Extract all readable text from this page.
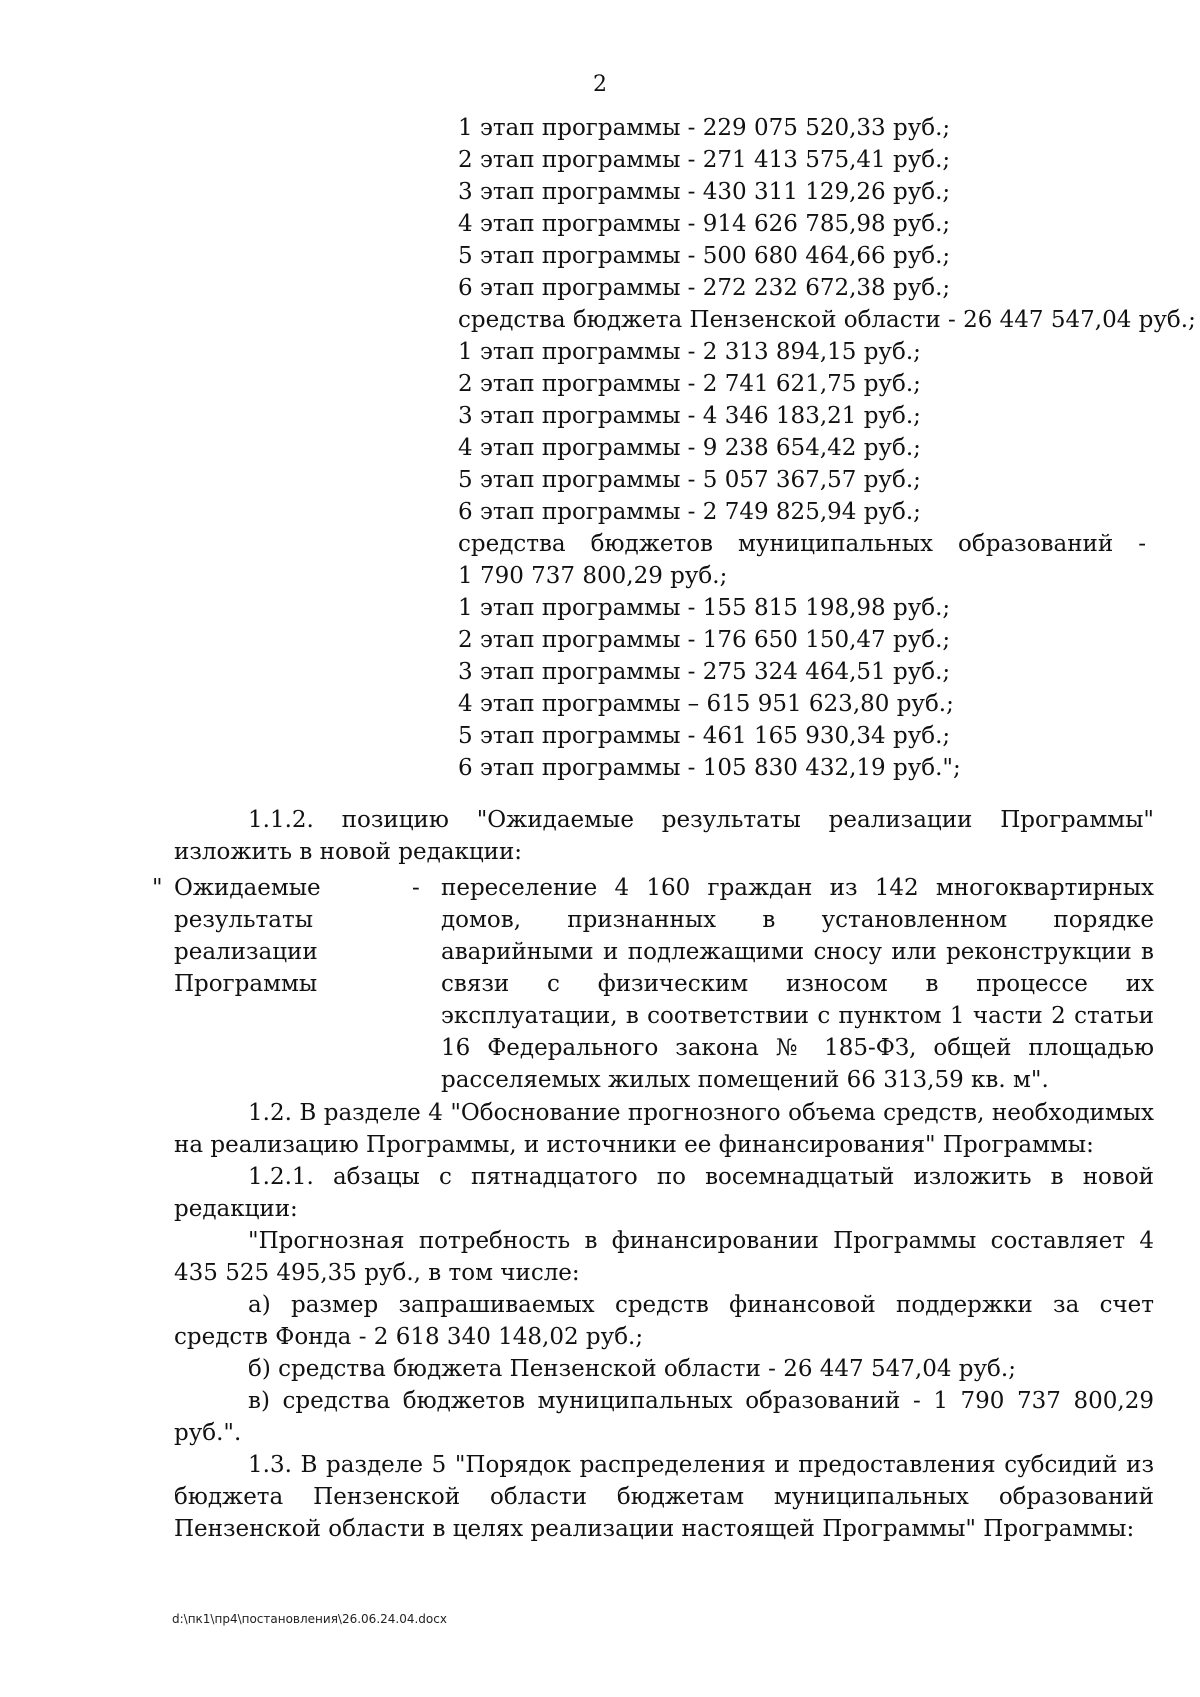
2
1 этап программы - 229 075 520,33 руб.;
2 этап программы - 271 413 575,41 руб.;
3 этап программы - 430 311 129,26 руб.;
4 этап программы - 914 626 785,98 руб.;
5 этап программы - 500 680 464,66 руб.;
6 этап программы - 272 232 672,38 руб.;
средства бюджета Пензенской области - 26 447 547,04 руб.;
1 этап программы - 2 313 894,15 руб.;
2 этап программы - 2 741 621,75 руб.;
3 этап программы - 4 346 183,21 руб.;
4 этап программы - 9 238 654,42 руб.;
5 этап программы - 5 057 367,57 руб.;
6 этап программы - 2 749 825,94 руб.;
средства бюджетов муниципальных образований -
1 790 737 800,29 руб.;
1 этап программы - 155 815 198,98 руб.;
2 этап программы - 176 650 150,47 руб.;
3 этап программы - 275 324 464,51 руб.;
4 этап программы – 615 951 623,80 руб.;
5 этап программы - 461 165 930,34 руб.;
6 этап программы - 105 830 432,19 руб.";

1.1.2. позицию "Ожидаемые результаты реализации Программы" изложить в новой редакции:

" Ожидаемые результаты реализации Программы
- переселение 4 160 граждан из 142 многоквартирных домов, признанных в установленном порядке аварийными и подлежащими сносу или реконструкции в связи с физическим износом в процессе их эксплуатации, в соответствии с пунктом 1 части 2 статьи 16 Федерального закона № 185-ФЗ, общей площадью расселяемых жилых помещений 66 313,59 кв. м".

1.2. В разделе 4 "Обоснование прогнозного объема средств, необходимых на реализацию Программы, и источники ее финансирования" Программы:

1.2.1. абзацы с пятнадцатого по восемнадцатый изложить в новой редакции:

"Прогнозная потребность в финансировании Программы составляет 4 435 525 495,35 руб., в том числе:

а) размер запрашиваемых средств финансовой поддержки за счет средств Фонда - 2 618 340 148,02 руб.;

б) средства бюджета Пензенской области - 26 447 547,04 руб.;

в) средства бюджетов муниципальных образований - 1 790 737 800,29 руб.".

1.3. В разделе 5 "Порядок распределения и предоставления субсидий из бюджета Пензенской области бюджетам муниципальных образований Пензенской области в целях реализации настоящей Программы" Программы:

d:\пк1\пр4\постановления\26.06.24.04.docx
